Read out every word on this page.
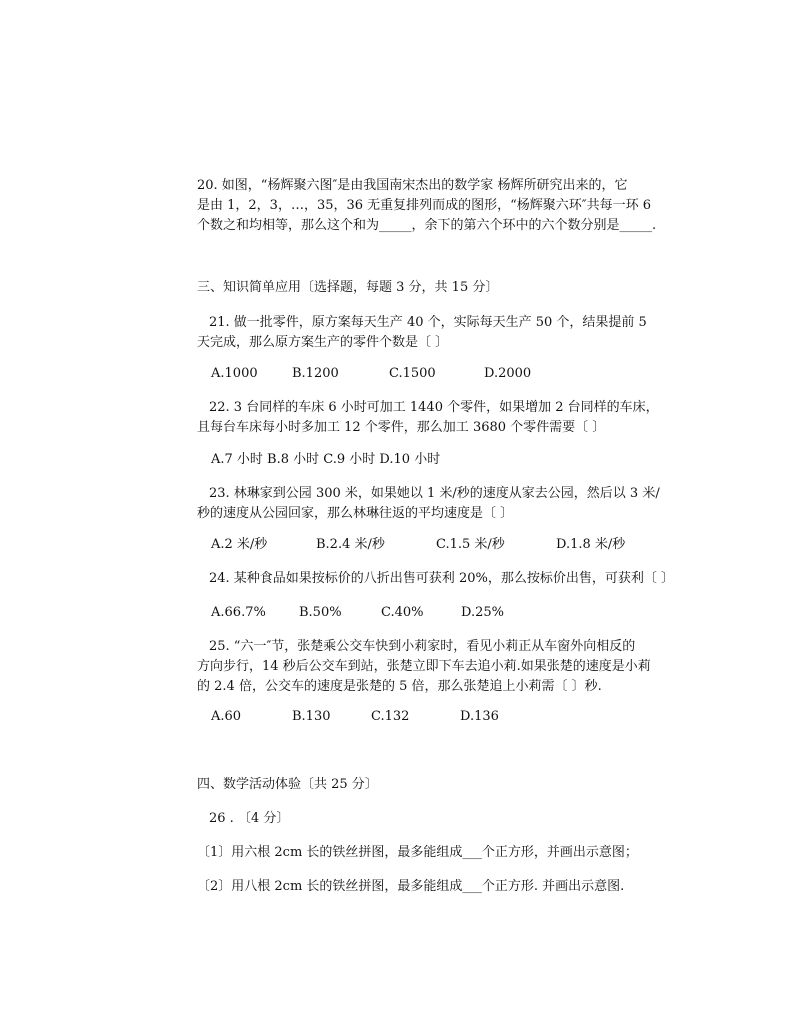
20. 如图，“杨辉聚六图″是由我国南宋杰出的数学家 杨辉所研究出来的，它
是由 1，2，3，…，35，36 无重复排列而成的图形，“杨辉聚六环″共每一环 6
个数之和均相等，那么这个和为_____，余下的第六个环中的六个数分别是_____.
三、知识简单应用〔选择题，每题 3 分，共 15 分〕
21. 做一批零件，原方案每天生产 40 个，实际每天生产 50 个，结果提前 5
天完成，那么原方案生产的零件个数是〔 〕
A.1000	B.1200	C.1500	D.2000
22. 3 台同样的车床 6 小时可加工 1440 个零件，如果增加 2 台同样的车床，
且每台车床每小时多加工 12 个零件，那么加工 3680 个零件需要〔 〕
A.7 小时 B.8 小时 C.9 小时 D.10 小时
23. 林琳家到公园 300 米，如果她以 1 米/秒的速度从家去公园，然后以 3 米/
秒的速度从公园回家，那么林琳往返的平均速度是〔 〕
A.2 米/秒	B.2.4 米/秒	C.1.5 米/秒	D.1.8 米/秒
24. 某种食品如果按标价的八折出售可获利 20%，那么按标价出售，可获利〔 〕
A.66.7%	B.50%	C.40%	D.25%
25. “六一″节，张楚乘公交车快到小莉家时，看见小莉正从车窗外向相反的
方向步行，14 秒后公交车到站，张楚立即下车去追小莉.如果张楚的速度是小莉
的 2.4 倍，公交车的速度是张楚的 5 倍，那么张楚追上小莉需〔 〕秒.
A.60	B.130	C.132	D.136
四、数学活动体验〔共 25 分〕
26 . 〔4 分〕
〔1〕用六根 2cm 长的铁丝拼图，最多能组成___个正方形，并画出示意图；
〔2〕用八根 2cm 长的铁丝拼图，最多能组成___个正方形. 并画出示意图.
